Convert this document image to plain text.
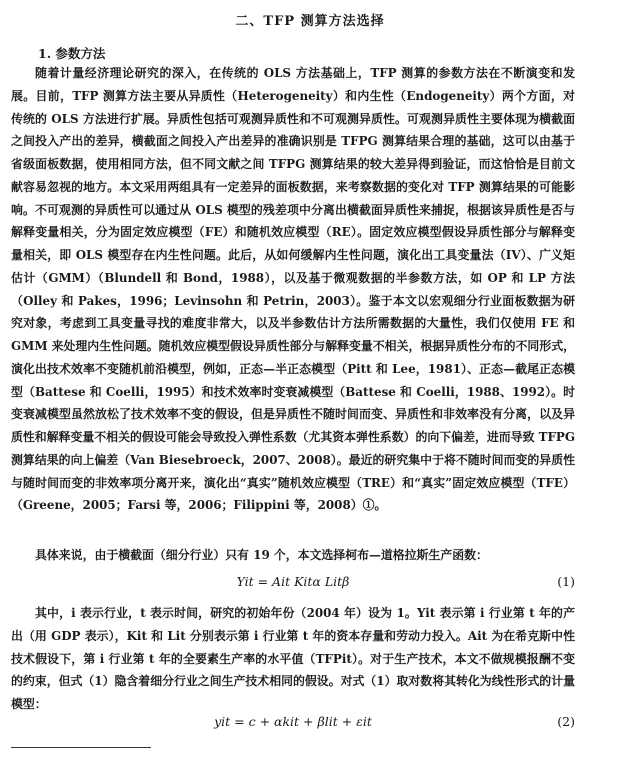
二、TFP 测算方法选择
1. 参数方法

随着计量经济理论研究的深入，在传统的 OLS 方法基础上，TFP 测算的参数方法在不断演变和发展。目前，TFP 测算方法主要从异质性（Heterogeneity）和内生性（Endogeneity）两个方面，对传统的 OLS 方法进行扩展。异质性包括可观测异质性和不可观测异质性。可观测异质性主要体现为横截面之间投入产出的差异，横截面之间投入产出差异的准确识别是 TFPG 测算结果合理的基础，这可以由基于省级面板数据，使用相同方法，但不同文献之间 TFPG 测算结果的较大差异得到验证，而这恰恰是目前文献容易忽视的地方。本文采用两组具有一定差异的面板数据，来考察数据的变化对 TFP 测算结果的可能影响。不可观测的异质性可以通过从 OLS 模型的残差项中分离出横截面异质性来捕捉，根据该异质性是否与解释变量相关，分为固定效应模型（FE）和随机效应模型（RE）。固定效应模型假设异质性部分与解释变量相关，即 OLS 模型存在内生性问题。此后，从如何缓解内生性问题，演化出工具变量法（IV）、广义矩估计（GMM）（Blundell 和 Bond，1988），以及基于微观数据的半参数方法，如 OP 和 LP 方法（Olley 和 Pakes，1996；Levinsohn 和 Petrin，2003）。鉴于本文以宏观细分行业面板数据为研究对象，考虑到工具变量寻找的难度非常大，以及半参数估计方法所需数据的大量性，我们仅使用 FE 和 GMM 来处理内生性问题。随机效应模型假设异质性部分与解释变量不相关，根据异质性分布的不同形式，演化出技术效率不变随机前沿模型，例如，正态—半正态模型（Pitt 和 Lee，1981）、正态—截尾正态模型（Battese 和 Coelli，1995）和技术效率时变衰减模型（Battese 和 Coelli，1988、1992）。时变衰减模型虽然放松了技术效率不变的假设，但是异质性不随时间而变、异质性和非效率没有分离，以及异质性和解释变量不相关的假设可能会导致投入弹性系数（尤其资本弹性系数）的向下偏差，进而导致 TFPG 测算结果的向上偏差（Van Biesebroeck，2007、2008）。最近的研究集中于将不随时间而变的异质性与随时间而变的非效率项分离开来，演化出“真实”随机效应模型（TRE）和“真实”固定效应模型（TFE）（Greene，2005；Farsi 等，2006；Filippini 等，2008）①。

具体来说，由于横截面（细分行业）只有 19 个，本文选择柯布—道格拉斯生产函数：

Yit = Ait Kitα Litβ	(1)

其中，i 表示行业，t 表示时间，研究的初始年份（2004 年）设为 1。Yit 表示第 i 行业第 t 年的产出（用 GDP 表示），Kit 和 Lit 分别表示第 i 行业第 t 年的资本存量和劳动力投入。Ait 为在希克斯中性技术假设下，第 i 行业第 t 年的全要素生产率的水平值（TFPit）。对于生产技术，本文不做规模报酬不变的约束，但式（1）隐含着细分行业之间生产技术相同的假设。对式（1）取对数将其转化为线性形式的计量模型：

yit = c + αkit + βlit + εit	(2)
